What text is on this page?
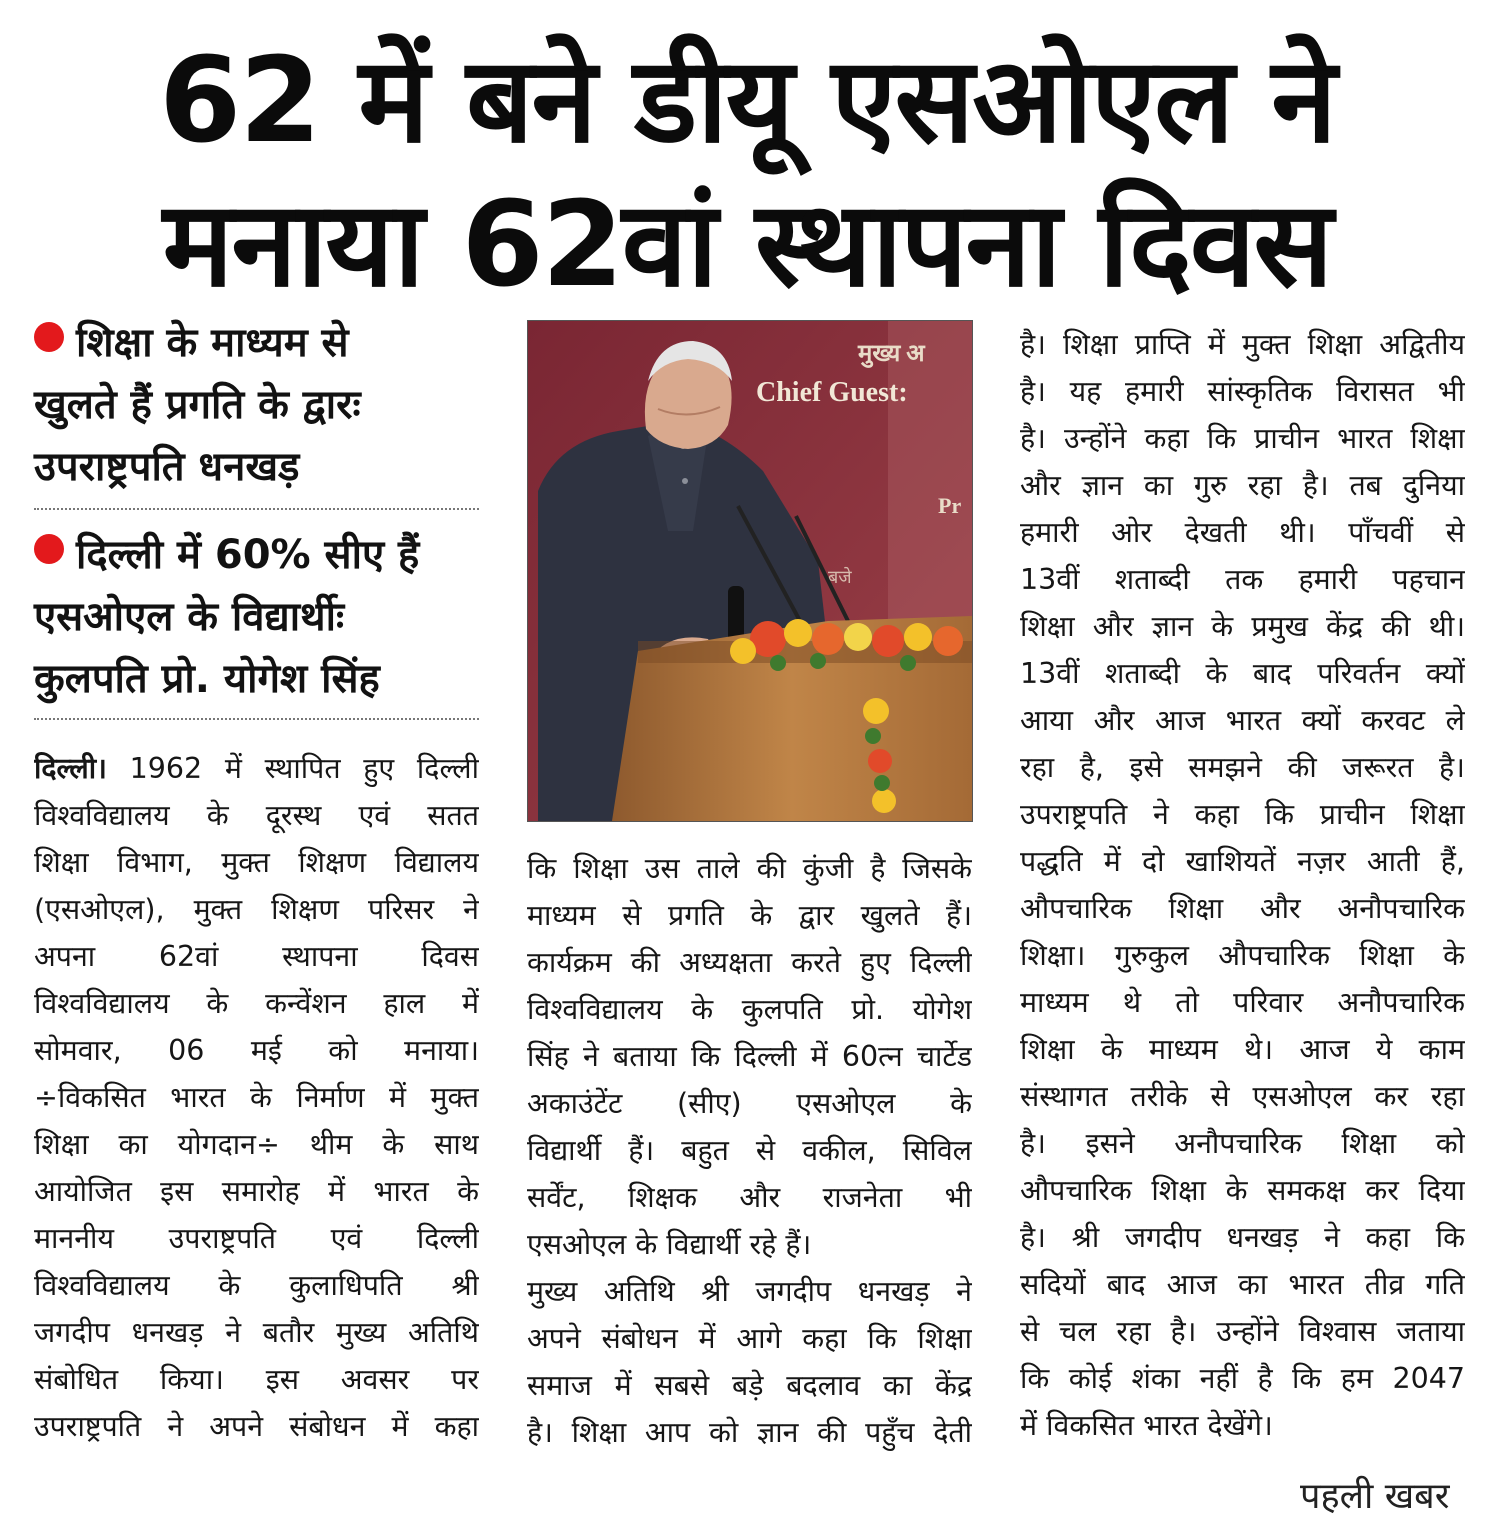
62 में बने डीयू एसओएल ने
मनाया 62वां स्थापना दिवस
शिक्षा के माध्यम से
खुलते हैं प्रगति के द्वारः
उपराष्ट्रपति धनखड़
दिल्ली में 60% सीए हैं
एसओएल के विद्यार्थीः
कुलपति प्रो. योगेश सिंह
मुख्य अ
Chief Guest:
Pr
बजे
दिल्ली। 1962 में स्थापित हुए दिल्ली
विश्वविद्यालय के दूरस्थ एवं सतत
शिक्षा विभाग, मुक्त शिक्षण विद्यालय
(एसओएल), मुक्त शिक्षण परिसर ने
अपना 62वां स्थापना दिवस
विश्वविद्यालय के कन्वेंशन हाल में
सोमवार, 06 मई को मनाया।
÷विकसित भारत के निर्माण में मुक्त
शिक्षा का योगदान÷ थीम के साथ
आयोजित इस समारोह में भारत के
माननीय उपराष्ट्रपति एवं दिल्ली
विश्वविद्यालय के कुलाधिपति श्री
जगदीप धनखड़ ने बतौर मुख्य अतिथि
संबोधित किया। इस अवसर पर
उपराष्ट्रपति ने अपने संबोधन में कहा
कि शिक्षा उस ताले की कुंजी है जिसके
माध्यम से प्रगति के द्वार खुलते हैं।
कार्यक्रम की अध्यक्षता करते हुए दिल्ली
विश्वविद्यालय के कुलपति प्रो. योगेश
सिंह ने बताया कि दिल्ली में 60त्न चार्टेड
अकाउंटेंट (सीए) एसओएल के
विद्यार्थी हैं। बहुत से वकील, सिविल
सर्वेंट, शिक्षक और राजनेता भी
एसओएल के विद्यार्थी रहे हैं।
मुख्य अतिथि श्री जगदीप धनखड़ ने
अपने संबोधन में आगे कहा कि शिक्षा
समाज में सबसे बड़े बदलाव का केंद्र
है। शिक्षा आप को ज्ञान की पहुँच देती
है। शिक्षा प्राप्ति में मुक्त शिक्षा अद्वितीय
है। यह हमारी सांस्कृतिक विरासत भी
है। उन्होंने कहा कि प्राचीन भारत शिक्षा
और ज्ञान का गुरु रहा है। तब दुनिया
हमारी ओर देखती थी। पाँचवीं से
13वीं शताब्दी तक हमारी पहचान
शिक्षा और ज्ञान के प्रमुख केंद्र की थी।
13वीं शताब्दी के बाद परिवर्तन क्यों
आया और आज भारत क्यों करवट ले
रहा है, इसे समझने की जरूरत है।
उपराष्ट्रपति ने कहा कि प्राचीन शिक्षा
पद्धति में दो खाशियतें नज़र आती हैं,
औपचारिक शिक्षा और अनौपचारिक
शिक्षा। गुरुकुल औपचारिक शिक्षा के
माध्यम थे तो परिवार अनौपचारिक
शिक्षा के माध्यम थे। आज ये काम
संस्थागत तरीके से एसओएल कर रहा
है। इसने अनौपचारिक शिक्षा को
औपचारिक शिक्षा के समकक्ष कर दिया
है। श्री जगदीप धनखड़ ने कहा कि
सदियों बाद आज का भारत तीव्र गति
से चल रहा है। उन्होंने विश्वास जताया
कि कोई शंका नहीं है कि हम 2047
में विकसित भारत देखेंगे।
पहली खबर
